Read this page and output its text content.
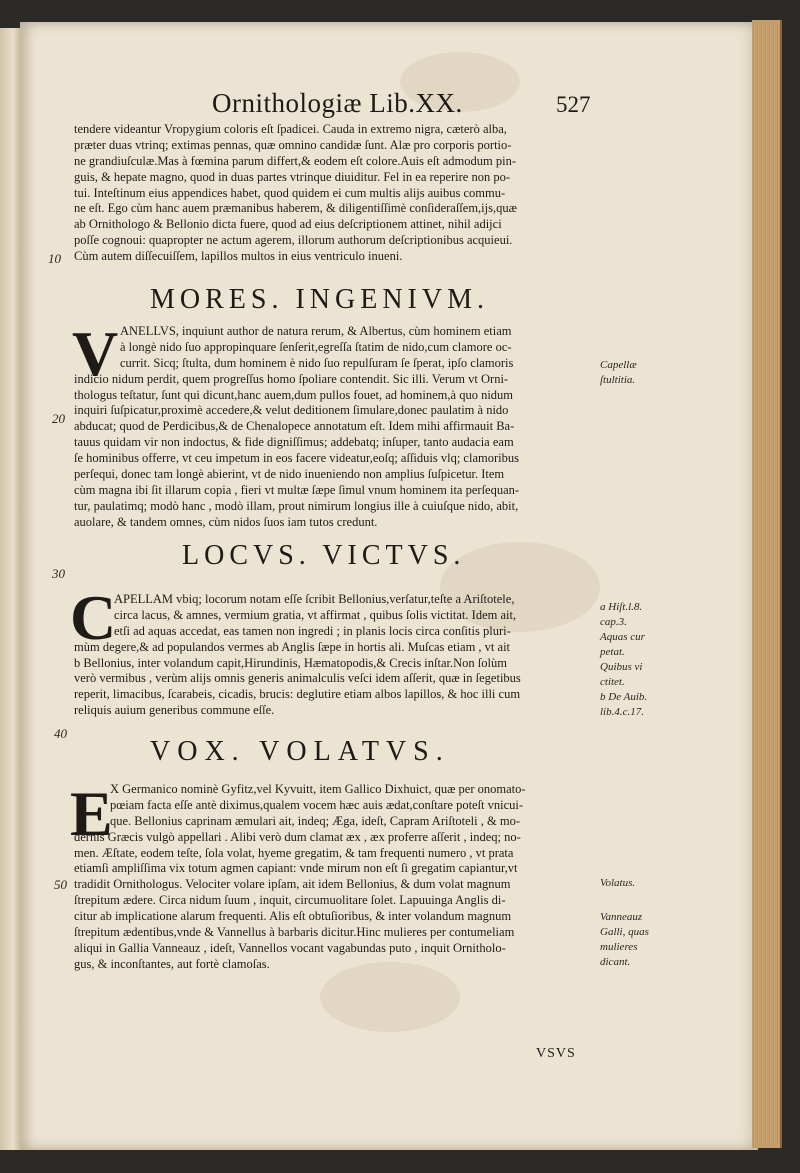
Ornithologiæ Lib.XX.	527
tendere videantur Vropygium coloris eſt ſpadicei. Cauda in extremo nigra, cæterò alba,
præter duas vtrinq; extimas pennas, quæ omnino candidæ ſunt. Alæ pro corporis portio-
ne grandiuſculæ.Mas à fœmina parum differt,& eodem eſt colore.Auis eſt admodum pin-
guis, & hepate magno, quod in duas partes vtrinque diuiditur. Fel in ea reperire non po-
tui. Inteſtinum eius appendices habet, quod quidem ei cum multis alijs auibus commu-
ne eſt. Ego cùm hanc auem præmanibus haberem, & diligentiſſimè conſideraſſem,ijs,quæ
ab Ornithologo & Bellonio dicta fuere, quod ad eius deſcriptionem attinet, nihil adijci
poſſe cognoui: quapropter ne actum agerem, illorum authorum deſcriptionibus acquieui.
Cùm autem diſſecuiſſem, lapillos multos in eius ventriculo inueni.
10
MORES. INGENIVM.
V ANELLVS, inquiunt author de natura rerum, & Albertus, cùm hominem etiam
à longè nido ſuo appropinquare ſenſerit,egreſſa ſtatim de nido,cum clamore oc-
currit. Sicq; ſtulta, dum hominem è nido ſuo repulſuram ſe ſperat, ipſo clamoris
indicio nidum perdit, quem progreſſus homo ſpoliare contendit. Sic illi. Verum vt Orni-
thologus teſtatur, ſunt qui dicunt,hanc auem,dum pullos fouet, ad hominem,à quo nidum
inquiri ſuſpicatur,proximè accedere,& velut deditionem ſimulare,donec paulatim à nido
abducat; quod de Perdicibus,& de Chenalopece annotatum eſt. Idem mihi affirmauit Ba-
tauus quidam vir non indoctus, & fide digniſſimus; addebatq; inſuper, tanto audacia eam
ſe hominibus offerre, vt ceu impetum in eos facere videatur,eoſq; aſſiduis vlq; clamoribus
perſequi, donec tam longè abierint, vt de nido inueniendo non amplius ſuſpicetur. Item
cùm magna ibi ſit illarum copia , fieri vt multæ ſæpe ſimul vnum hominem ita perſequan-
tur, paulatimq; modò hanc , modò illam, prout nimirum longius ille à cuiuſque nido, abit,
auolare, & tandem omnes, cùm nidos ſuos iam tutos credunt.
20
Capellæ
ſtultitia.
LOCVS. VICTVS.
30
C
APELLAM vbiq; locorum notam eſſe ſcribit Bellonius,verſatur,teſte a Ariſtotele,
circa lacus, & amnes, vermium gratia, vt affirmat , quibus ſolis victitat. Idem ait,
etſi ad aquas accedat, eas tamen non ingredi ; in planis locis circa conſitis pluri-
mùm degere,& ad populandos vermes ab Anglis ſæpe in hortis ali. Muſcas etiam , vt ait
b Bellonius, inter volandum capit,Hirundinis, Hæmatopodis,& Crecis inſtar.Non ſolùm
verò vermibus , verùm alijs omnis generis animalculis veſci idem aſſerit, quæ in ſegetibus
reperit, limacibus, ſcarabeis, cicadis, brucis: deglutire etiam albos lapillos, & hoc illi cum
reliquis auium generibus commune eſſe.
a Hiſt.l.8.
cap.3.
Aquas cur
petat.
Quibus vi
ctitet.
b De Auib.
lib.4.c.17.
40
VOX. VOLATVS.
E
X Germanico nominè Gyfitz,vel Kyvuitt, item Gallico Dixhuict, quæ per onomato-
pœiam facta eſſe antè diximus,qualem vocem hæc auis ædat,conſtare poteſt vnicui-
que. Bellonius caprinam æmulari ait, indeq; Ægа, ideſt, Capram Ariſtoteli , & mo-
dernis Græcis vulgò appellari . Alibi verò dum clamat æx , æx proferre aſſerit , indeq; no-
men. Æſtate, eodem teſte, ſola volat, hyeme gregatim, & tam frequenti numero , vt prata
etiamſi ampliſſima vix totum agmen capiant: vnde mirum non eſt ſi gregatim capiantur,vt
tradidit Ornithologus. Velociter volare ipſam, ait idem Bellonius, & dum volat magnum
ſtrepitum ædere. Circa nidum ſuum , inquit, circumuolitare ſolet. Lapuuinga Anglis di-
citur ab implicatione alarum frequenti. Alis eſt obtuſioribus, & inter volandum magnum
ſtrepitum ædentibus,vnde & Vannellus à barbaris dicitur.Hinc mulieres per contumeliam
aliqui in Gallia Vanneauz , ideſt, Vannellos vocant vagabundas puto , inquit Ornitholo-
gus, & inconſtantes, aut fortè clamoſas.
50	Volatus.
Vanneauz
Galli, quas
mulieres
dicant.
VSVS
